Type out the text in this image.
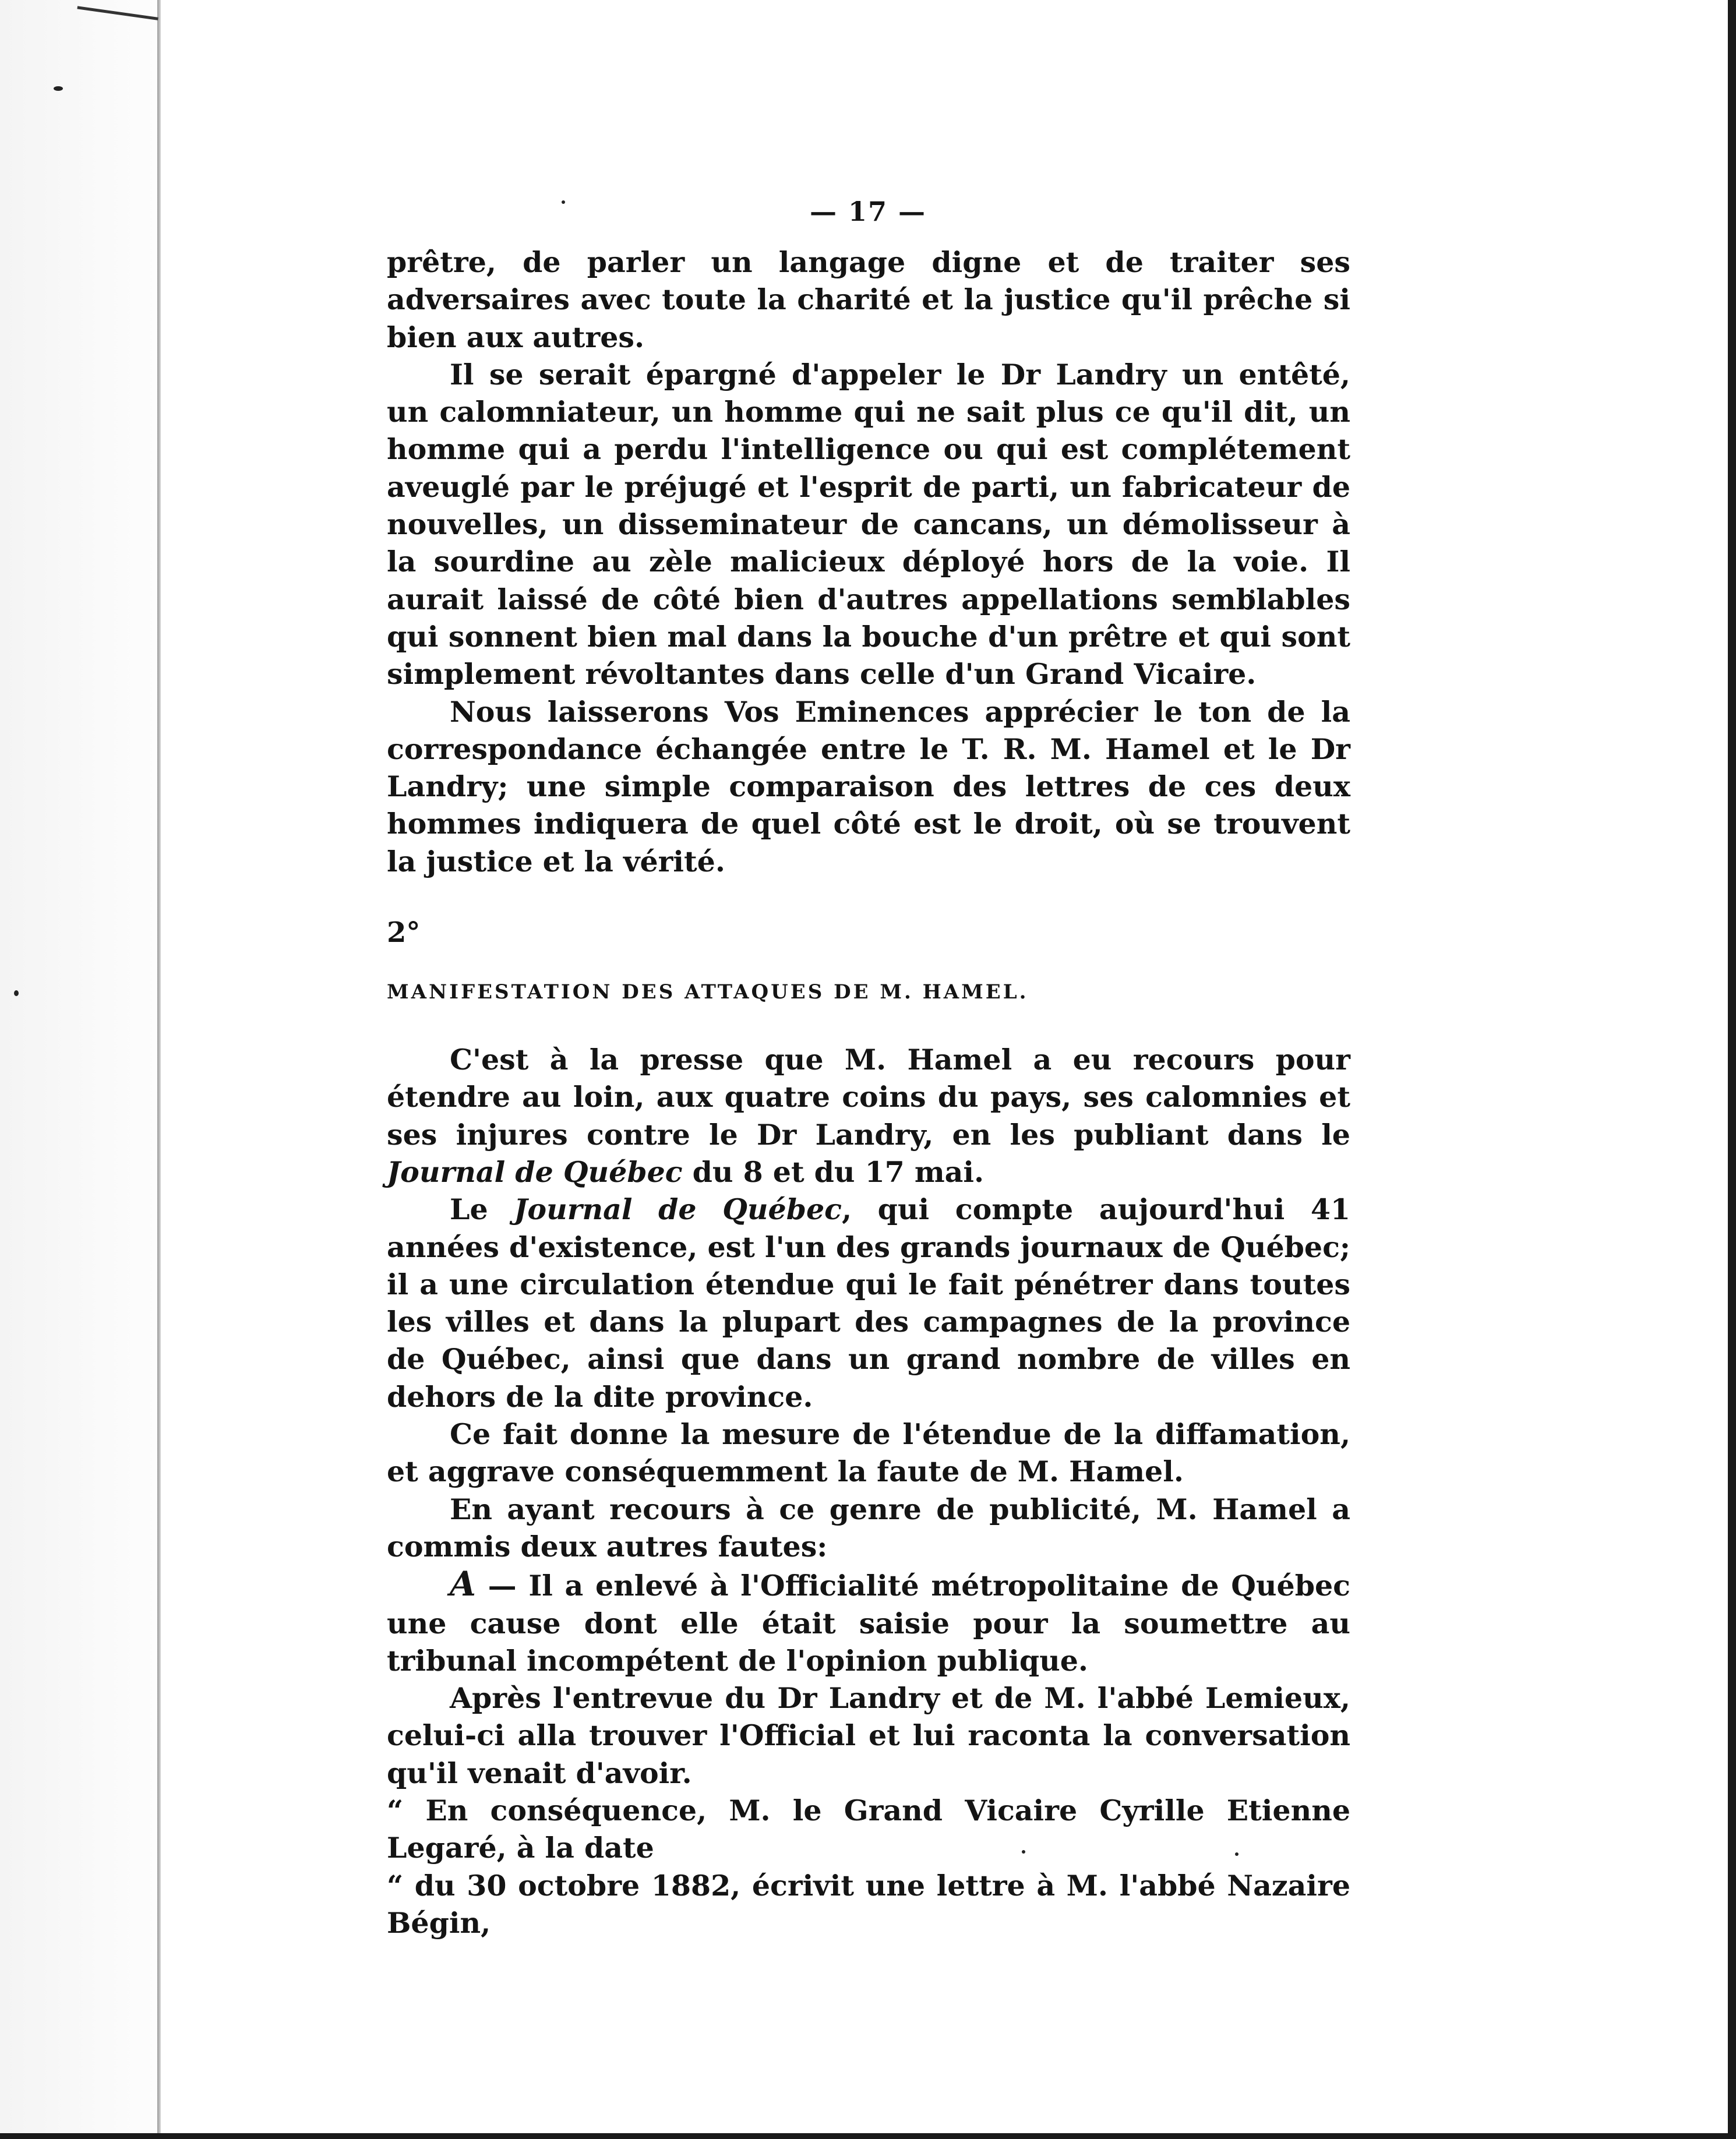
— 17 —

prêtre, de parler un langage digne et de traiter ses adversaires avec toute la charité et la justice qu'il prêche si bien aux autres.

Il se serait épargné d'appeler le Dr Landry un entêté, un calomniateur, un homme qui ne sait plus ce qu'il dit, un homme qui a perdu l'intelligence ou qui est complétement aveuglé par le préjugé et l'esprit de parti, un fabricateur de nouvelles, un disseminateur de cancans, un démolisseur à la sourdine au zèle malicieux déployé hors de la voie. Il aurait laissé de côté bien d'autres appellations semblables qui sonnent bien mal dans la bouche d'un prêtre et qui sont simplement révoltantes dans celle d'un Grand Vicaire.

Nous laisserons Vos Eminences apprécier le ton de la correspondance échangée entre le T. R. M. Hamel et le Dr Landry; une simple comparaison des lettres de ces deux hommes indiquera de quel côté est le droit, où se trouvent la justice et la vérité.

2°
MANIFESTATION DES ATTAQUES DE M. HAMEL.

C'est à la presse que M. Hamel a eu recours pour étendre au loin, aux quatre coins du pays, ses calomnies et ses injures contre le Dr Landry, en les publiant dans le Journal de Québec du 8 et du 17 mai.

Le Journal de Québec, qui compte aujourd'hui 41 années d'existence, est l'un des grands journaux de Québec; il a une circulation étendue qui le fait pénétrer dans toutes les villes et dans la plupart des campagnes de la province de Québec, ainsi que dans un grand nombre de villes en dehors de la dite province.

Ce fait donne la mesure de l'étendue de la diffamation, et aggrave conséquemment la faute de M. Hamel.

En ayant recours à ce genre de publicité, M. Hamel a commis deux autres fautes:

A — Il a enlevé à l'Officialité métropolitaine de Québec une cause dont elle était saisie pour la soumettre au tribunal incompétent de l'opinion publique.

Après l'entrevue du Dr Landry et de M. l'abbé Lemieux, celui-ci alla trouver l'Official et lui raconta la conversation qu'il venait d'avoir.

“ En conséquence, M. le Grand Vicaire Cyrille Etienne Legaré, à la date

“ du 30 octobre 1882, écrivit une lettre à M. l'abbé Nazaire Bégin,
